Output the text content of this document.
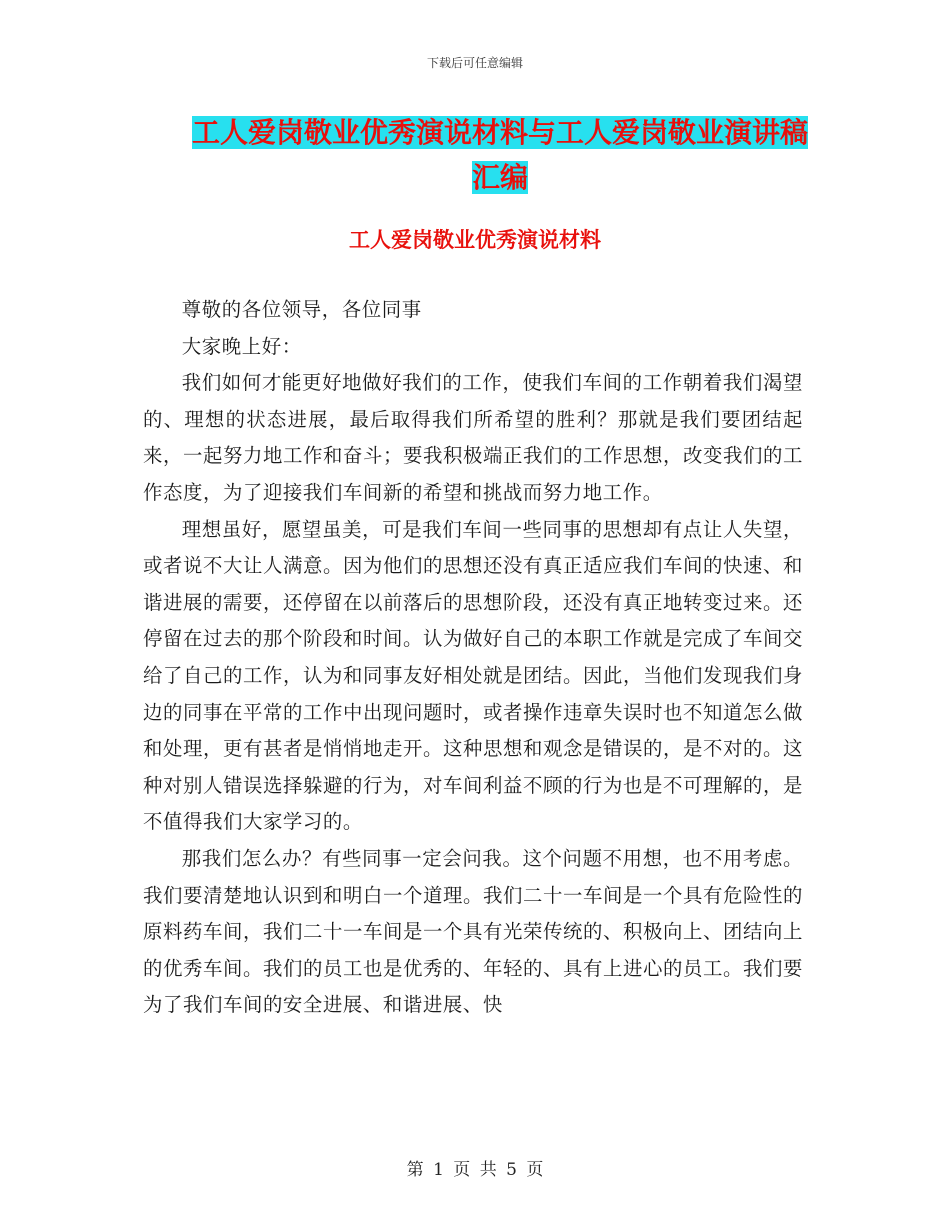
下载后可任意编辑
工人爱岗敬业优秀演说材料与工人爱岗敬业演讲稿汇编
工人爱岗敬业优秀演说材料

尊敬的各位领导，各位同事

大家晚上好：

我们如何才能更好地做好我们的工作，使我们车间的工作朝着我们渴望的、理想的状态进展，最后取得我们所希望的胜利？那就是我们要团结起来，一起努力地工作和奋斗；要我积极端正我们的工作思想，改变我们的工作态度，为了迎接我们车间新的希望和挑战而努力地工作。

理想虽好，愿望虽美，可是我们车间一些同事的思想却有点让人失望，或者说不大让人满意。因为他们的思想还没有真正适应我们车间的快速、和谐进展的需要，还停留在以前落后的思想阶段，还没有真正地转变过来。还停留在过去的那个阶段和时间。认为做好自己的本职工作就是完成了车间交给了自己的工作，认为和同事友好相处就是团结。因此，当他们发现我们身边的同事在平常的工作中出现问题时，或者操作违章失误时也不知道怎么做和处理，更有甚者是悄悄地走开。这种思想和观念是错误的，是不对的。这种对别人错误选择躲避的行为，对车间利益不顾的行为也是不可理解的，是不值得我们大家学习的。

那我们怎么办？有些同事一定会问我。这个问题不用想，也不用考虑。我们要清楚地认识到和明白一个道理。我们二十一车间是一个具有危险性的原料药车间，我们二十一车间是一个具有光荣传统的、积极向上、团结向上的优秀车间。我们的员工也是优秀的、年轻的、具有上进心的员工。我们要为了我们车间的安全进展、和谐进展、快

第 1 页 共 5 页
